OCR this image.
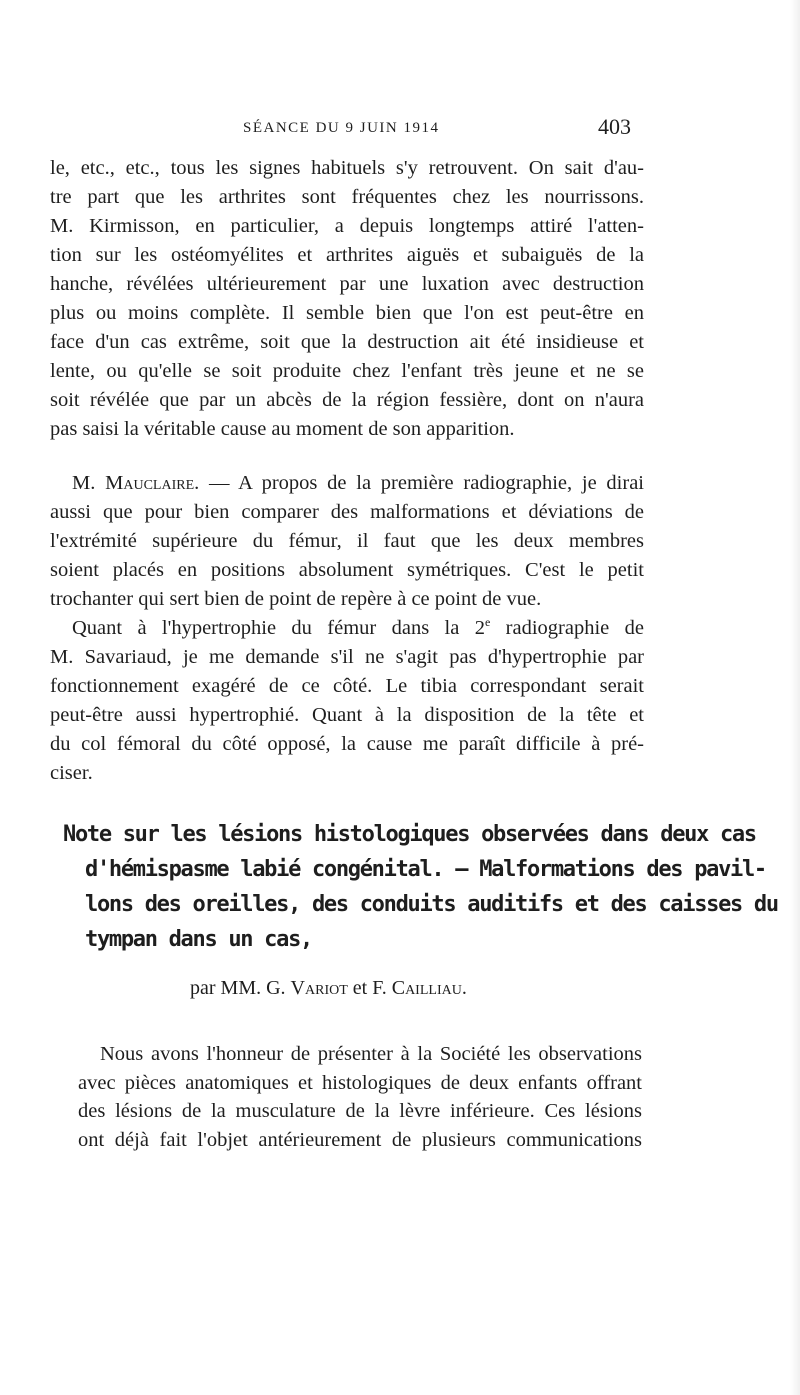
SÉANCE DU 9 JUIN 1914	403
le, etc., etc., tous les signes habituels s'y retrouvent. On sait d'au-
tre part que les arthrites sont fréquentes chez les nourrissons.
M. Kirmisson, en particulier, a depuis longtemps attiré l'atten-
tion sur les ostéomyélites et arthrites aiguës et subaiguës de la
hanche, révélées ultérieurement par une luxation avec destruction
plus ou moins complète. Il semble bien que l'on est peut-être en
face d'un cas extrême, soit que la destruction ait été insidieuse et
lente, ou qu'elle se soit produite chez l'enfant très jeune et ne se
soit révélée que par un abcès de la région fessière, dont on n'aura
pas saisi la véritable cause au moment de son apparition.
M. Mauclaire. — A propos de la première radiographie, je dirai
aussi que pour bien comparer des malformations et déviations de
l'extrémité supérieure du fémur, il faut que les deux membres
soient placés en positions absolument symétriques. C'est le petit
trochanter qui sert bien de point de repère à ce point de vue.
Quant à l'hypertrophie du fémur dans la 2e radiographie de
M. Savariaud, je me demande s'il ne s'agit pas d'hypertrophie par
fonctionnement exagéré de ce côté. Le tibia correspondant serait
peut-être aussi hypertrophié. Quant à la disposition de la tête et
du col fémoral du côté opposé, la cause me paraît difficile à pré-
ciser.
Note sur les lésions histologiques observées dans deux cas
d'hémispasme labié congénital. — Malformations des pavil-
lons des oreilles, des conduits auditifs et des caisses du
tympan dans un cas,
par MM. G. Variot et F. Cailliau.
Nous avons l'honneur de présenter à la Société les observations
avec pièces anatomiques et histologiques de deux enfants offrant
des lésions de la musculature de la lèvre inférieure. Ces lésions
ont déjà fait l'objet antérieurement de plusieurs communications
